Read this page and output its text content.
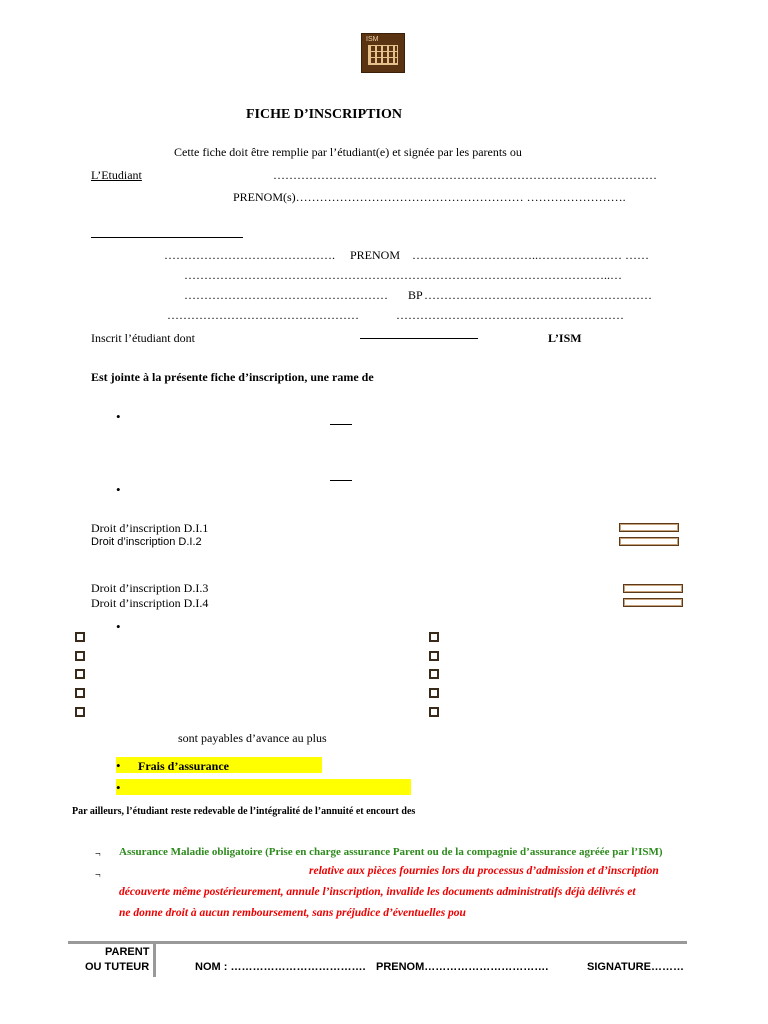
ISM
FICHE D’INSCRIPTION
Cette fiche doit être remplie par l’étudiant(e) et signée par les parents ou
L’Etudiant	……………………………………………………………………………………
PRENOM(s)………………………………………………… …………………….
……………………………………. PRENOM …………………………..………………… ……
……………………………………………………………………………………………..…
…………………………………………… BP …………………………………………………
…………………………………………	…………………………………………………
Inscrit l’étudiant dont	L’ISM
Est jointe à la présente fiche d’inscription, une rame de
•
•
Droit d’inscription D.I.1
Droit d’inscription D.I.2
Droit d’inscription D.I.3
Droit d’inscription D.I.4
•
sont payables d’avance au plus
• Frais d’assurance
•
Par ailleurs, l’étudiant reste redevable de l’intégralité de l’annuité et encourt des
¬ Assurance Maladie obligatoire (Prise en charge assurance Parent ou de la compagnie d’assurance agréée par l’ISM)
¬	relative aux pièces fournies lors du processus d’admission et d’inscription
découverte même postérieurement, annule l’inscription, invalide les documents administratifs déjà délivrés et
ne donne droit à aucun remboursement, sans préjudice d’éventuelles pou
PARENT
OU TUTEUR	NOM : ………………………………. PRENOM…………………………….	SIGNATURE………
